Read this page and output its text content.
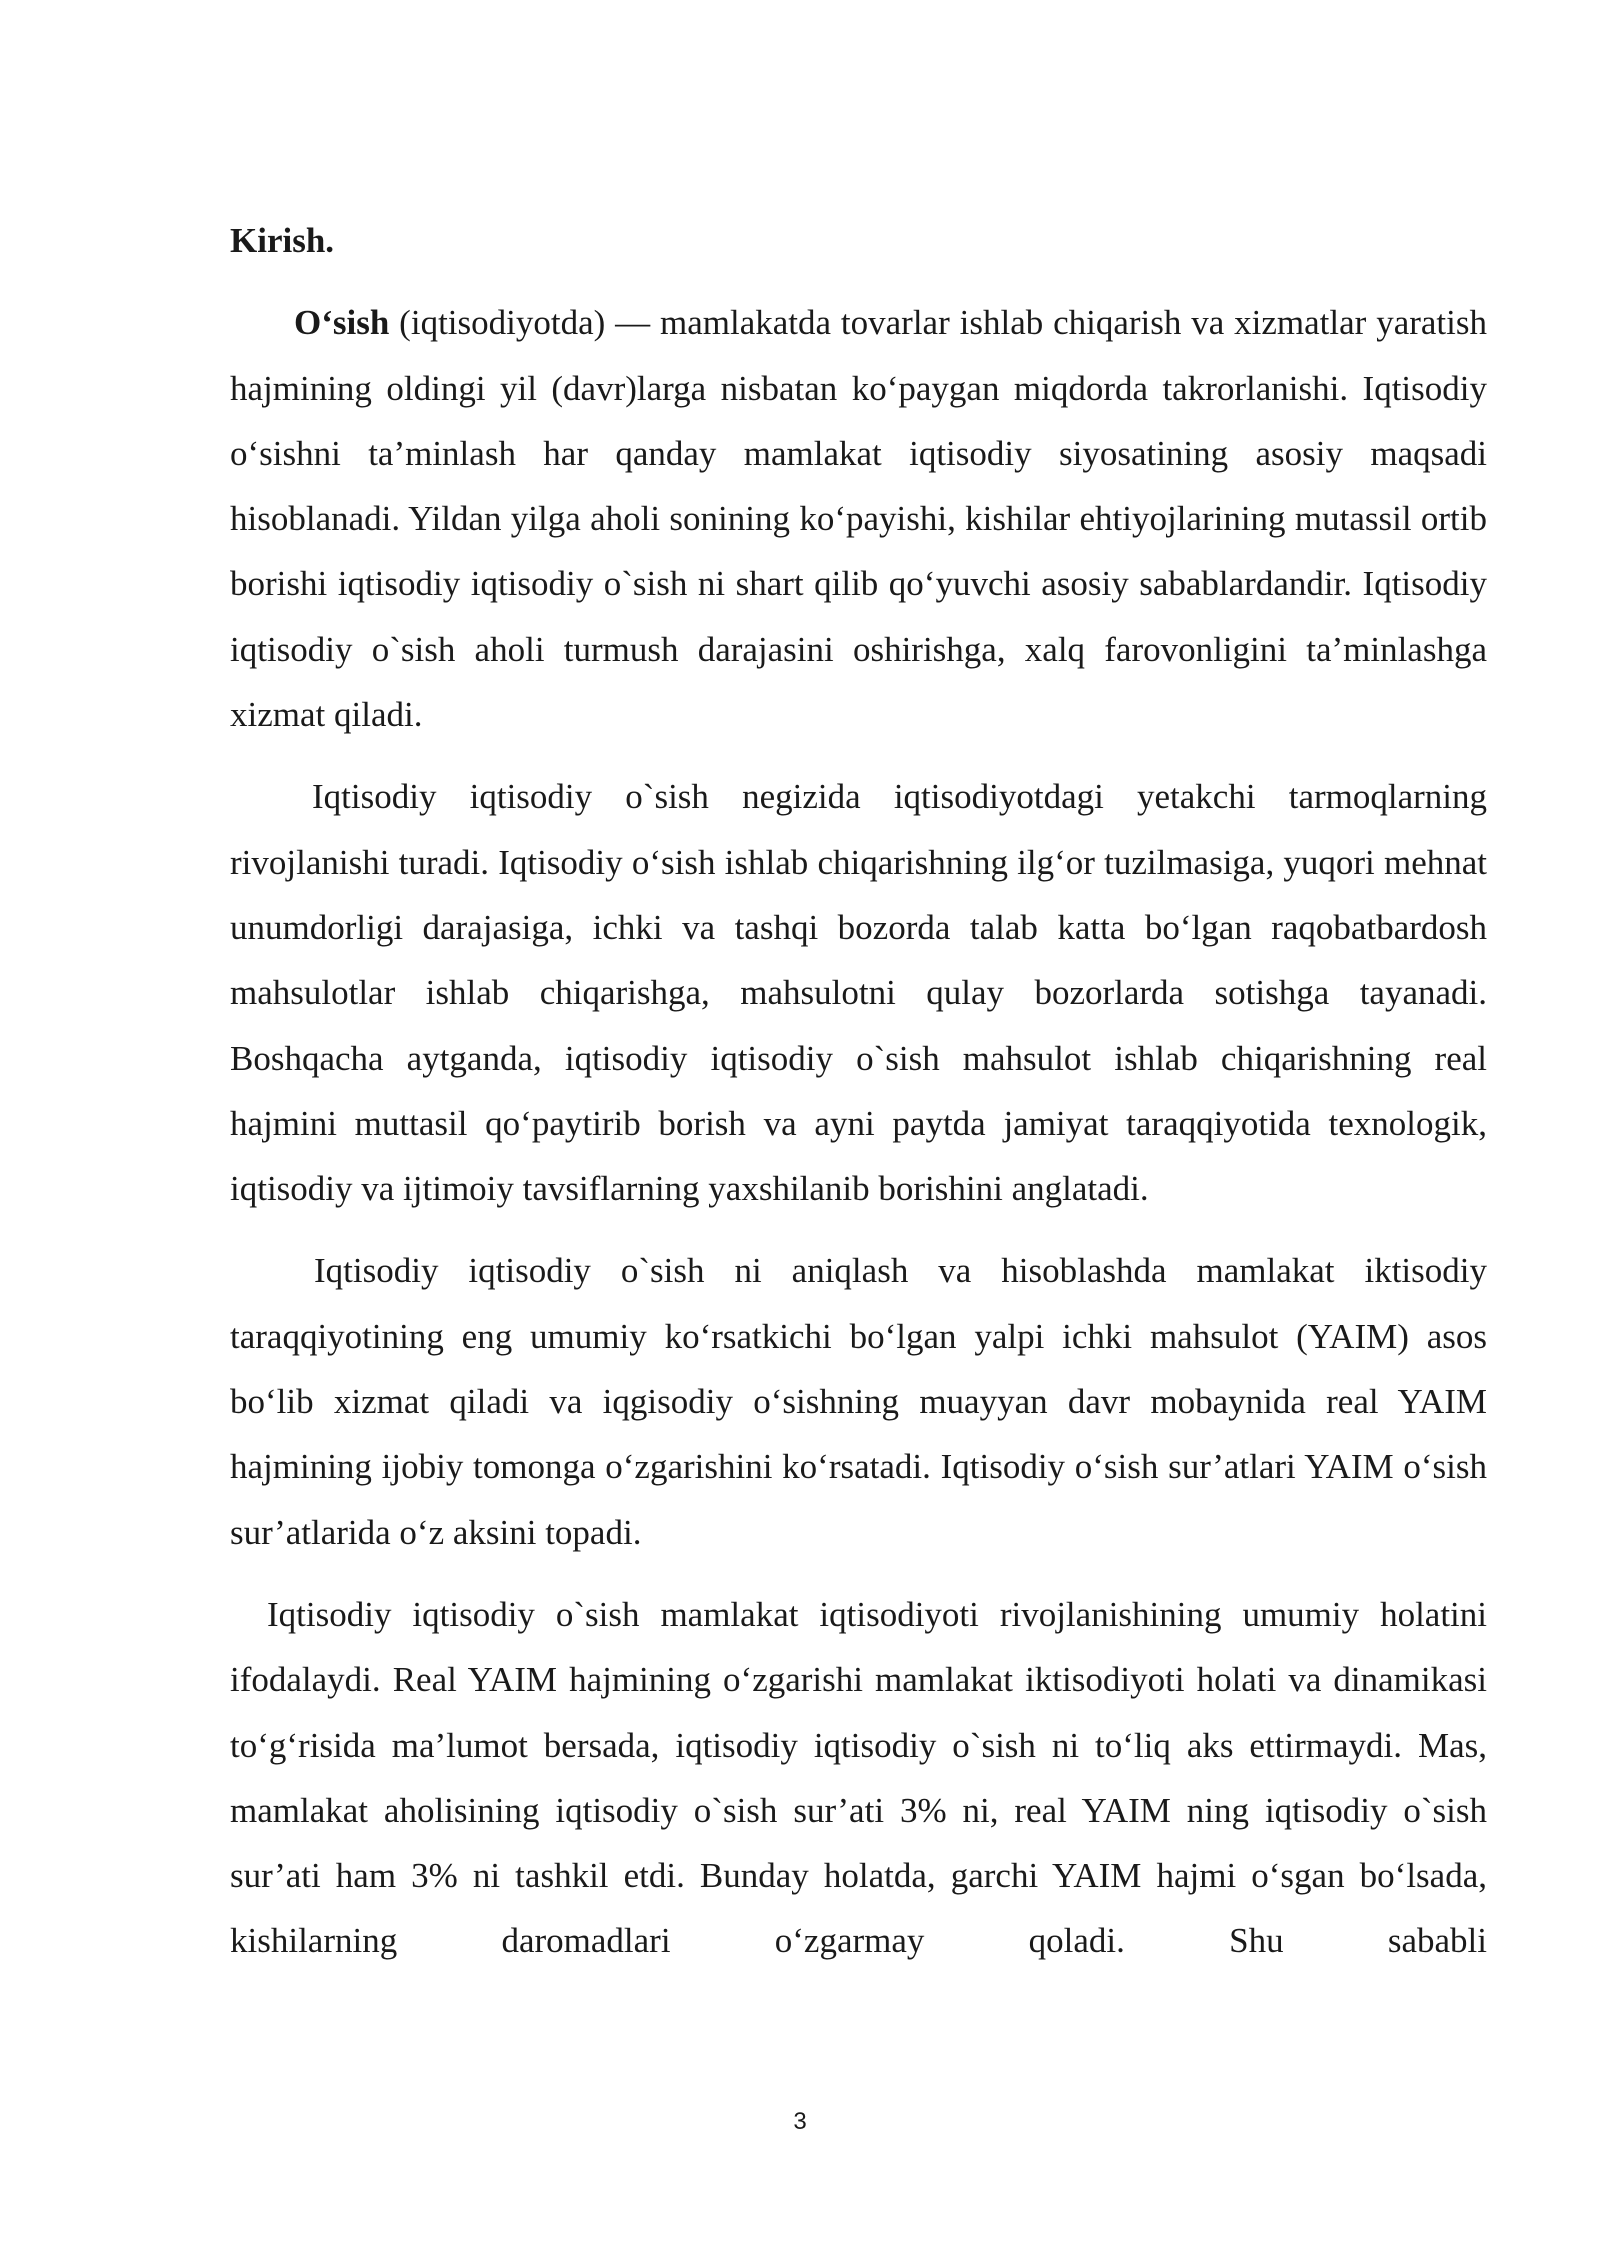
Kirish.

O‘sish (iqtisodiyotda) — mamlakatda tovarlar ishlab chiqarish va xizmatlar yaratish hajmining oldingi yil (davr)larga nisbatan ko‘paygan miqdorda takrorlanishi. Iqtisodiy o‘sishni ta’minlash har qanday mamlakat iqtisodiy siyosatining asosiy maqsadi hisoblanadi. Yildan yilga aholi sonining ko‘payishi, kishilar ehtiyojlarining mutassil ortib borishi iqtisodiy iqtisodiy o`sish ni shart qilib qo‘yuvchi asosiy sabablardandir. Iqtisodiy iqtisodiy o`sish aholi turmush darajasini oshirishga, xalq farovonligini ta’minlashga xizmat qiladi.

Iqtisodiy iqtisodiy o`sish negizida iqtisodiyotdagi yetakchi tarmoqlarning rivojlanishi turadi. Iqtisodiy o‘sish ishlab chiqarishning ilg‘or tuzilmasiga, yuqori mehnat unumdorligi darajasiga, ichki va tashqi bozorda talab katta bo‘lgan raqobatbardosh mahsulotlar ishlab chiqarishga, mahsulotni qulay bozorlarda sotishga tayanadi. Boshqacha aytganda, iqtisodiy iqtisodiy o`sish mahsulot ishlab chiqarishning real hajmini muttasil qo‘paytirib borish va ayni paytda jamiyat taraqqiyotida texnologik, iqtisodiy va ijtimoiy tavsiflarning yaxshilanib borishini anglatadi.

Iqtisodiy iqtisodiy o`sish ni aniqlash va hisoblashda mamlakat iktisodiy taraqqiyotining eng umumiy ko‘rsatkichi bo‘lgan yalpi ichki mahsulot (YAIM) asos bo‘lib xizmat qiladi va iqgisodiy o‘sishning muayyan davr mobaynida real YAIM hajmining ijobiy tomonga o‘zgarishini ko‘rsatadi. Iqtisodiy o‘sish sur’atlari YAIM o‘sish sur’atlarida o‘z aksini topadi.

Iqtisodiy iqtisodiy o`sish mamlakat iqtisodiyoti rivojlanishining umumiy holatini ifodalaydi. Real YAIM hajmining o‘zgarishi mamlakat iktisodiyoti holati va dinamikasi to‘g‘risida ma’lumot bersada, iqtisodiy iqtisodiy o`sish ni to‘liq aks ettirmaydi. Mas, mamlakat aholisining iqtisodiy o`sish sur’ati 3% ni, real YAIM ning iqtisodiy o`sish sur’ati ham 3% ni tashkil etdi. Bunday holatda, garchi YAIM hajmi o‘sgan bo‘lsada, kishilarning daromadlari o‘zgarmay qoladi. Shu sababli

3
